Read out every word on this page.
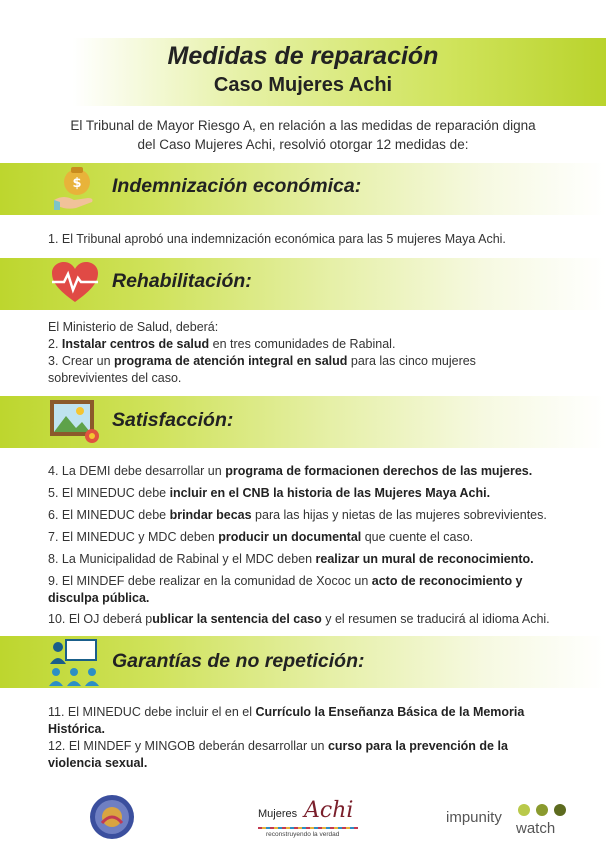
Medidas de reparación
Caso Mujeres Achi
El Tribunal de Mayor Riesgo A, en relación a las medidas de reparación digna
del Caso Mujeres Achi, resolvió otorgar 12 medidas de:
$ Indemnización económica:
1. El Tribunal aprobó una indemnización económica para las 5 mujeres Maya Achi.
Rehabilitación:
El Ministerio de Salud, deberá:
2. Instalar centros de salud en tres comunidades de Rabinal.
3. Crear un programa de atención integral en salud para las cinco mujeres
sobrevivientes del caso.
Satisfacción:
4. La DEMI debe desarrollar un programa de formacionen derechos de las mujeres.
5. El MINEDUC debe incluir en el CNB la historia de las Mujeres Maya Achi.
6. El MINEDUC debe brindar becas para las hijas y nietas de las mujeres sobrevivientes.
7. El MINEDUC y MDC deben producir un documental que cuente el caso.
8. La Municipalidad de Rabinal y el MDC deben realizar un mural de reconocimiento.
9. El MINDEF debe realizar en la comunidad de Xococ un acto de reconocimiento y
disculpa pública.
10. El OJ deberá publicar la sentencia del caso y el resumen se traducirá al idioma Achi.
Garantías de no repetición:
11. El MINEDUC debe incluir el en el Currículo la Enseñanza Básica de la Memoria
Histórica.
12. El MINDEF y MINGOB deberán desarrollar un curso para la prevención de la
violencia sexual.
Mujeres Achi
reconstruyendo la verdad
impunity
watch
